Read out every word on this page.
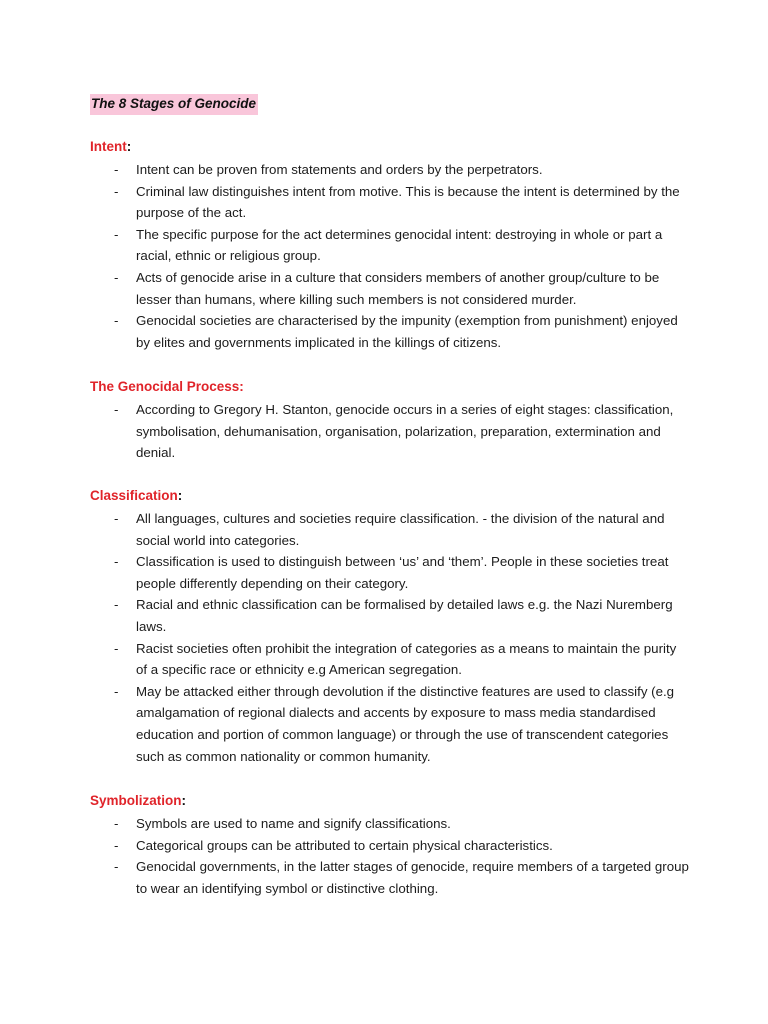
The 8 Stages of Genocide
Intent:
- Intent can be proven from statements and orders by the perpetrators.
- Criminal law distinguishes intent from motive. This is because the intent is determined by the purpose of the act.
- The specific purpose for the act determines genocidal intent: destroying in whole or part a racial, ethnic or religious group.
- Acts of genocide arise in a culture that considers members of another group/culture to be lesser than humans, where killing such members is not considered murder.
- Genocidal societies are characterised by the impunity (exemption from punishment) enjoyed by elites and governments implicated in the killings of citizens.
The Genocidal Process:
- According to Gregory H. Stanton, genocide occurs in a series of eight stages: classification, symbolisation, dehumanisation, organisation, polarization, preparation, extermination and denial.
Classification:
- All languages, cultures and societies require classification. - the division of the natural and social world into categories.
- Classification is used to distinguish between ‘us’ and ‘them’. People in these societies treat people differently depending on their category.
- Racial and ethnic classification can be formalised by detailed laws e.g. the Nazi Nuremberg laws.
- Racist societies often prohibit the integration of categories as a means to maintain the purity of a specific race or ethnicity e.g American segregation.
- May be attacked either through devolution if the distinctive features are used to classify (e.g amalgamation of regional dialects and accents by exposure to mass media standardised education and portion of common language) or through the use of transcendent categories such as common nationality or common humanity.
Symbolization:
- Symbols are used to name and signify classifications.
- Categorical groups can be attributed to certain physical characteristics.
- Genocidal governments, in the latter stages of genocide, require members of a targeted group to wear an identifying symbol or distinctive clothing.
